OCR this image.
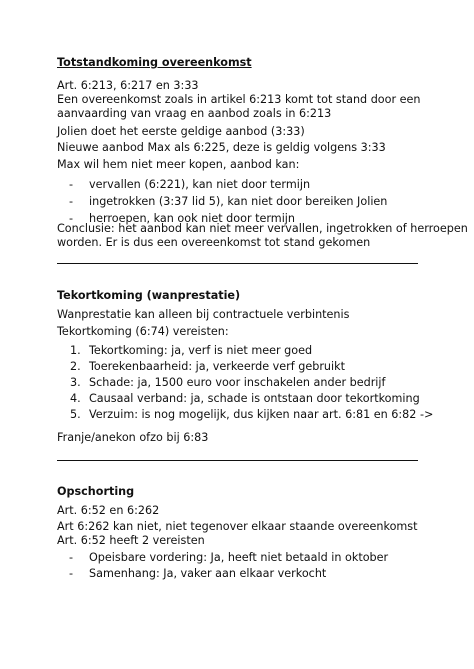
Totstandkoming overeenkomst

Art. 6:213, 6:217 en 3:33

Een overeenkomst zoals in artikel 6:213 komt tot stand door een

aanvaarding van vraag en aanbod zoals in 6:213

Jolien doet het eerste geldige aanbod (3:33)

Nieuwe aanbod Max als 6:225, deze is geldig volgens 3:33

Max wil hem niet meer kopen, aanbod kan:

- vervallen (6:221), kan niet door termijn

- ingetrokken (3:37 lid 5), kan niet door bereiken Jolien

- herroepen, kan ook niet door termijn

Conclusie: het aanbod kan niet meer vervallen, ingetrokken of herroepen

worden. Er is dus een overeenkomst tot stand gekomen

Tekortkoming (wanprestatie)

Wanprestatie kan alleen bij contractuele verbintenis

Tekortkoming (6:74) vereisten:

1. Tekortkoming: ja, verf is niet meer goed

2. Toerekenbaarheid: ja, verkeerde verf gebruikt

3. Schade: ja, 1500 euro voor inschakelen ander bedrijf

4. Causaal verband: ja, schade is ontstaan door tekortkoming

5. Verzuim: is nog mogelijk, dus kijken naar art. 6:81 en 6:82 ->

Franje/anekon ofzo bij 6:83

Opschorting

Art. 6:52 en 6:262

Art 6:262 kan niet, niet tegenover elkaar staande overeenkomst

Art. 6:52 heeft 2 vereisten

- Opeisbare vordering: Ja, heeft niet betaald in oktober

- Samenhang: Ja, vaker aan elkaar verkocht
